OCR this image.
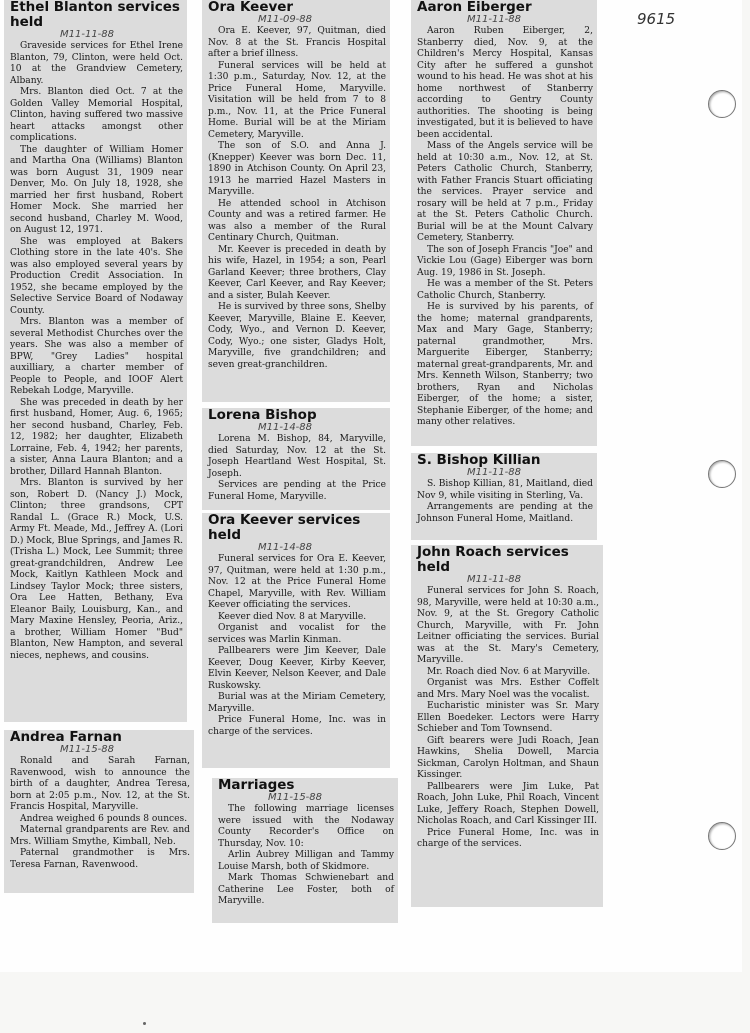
9615
Ethel Blanton services held
M11-11-88

Graveside services for Ethel Irene Blanton, 79, Clinton, were held Oct. 10 at the Grandview Cemetery, Albany.

Mrs. Blanton died Oct. 7 at the Golden Valley Memorial Hospital, Clinton, having suffered two massive heart attacks amongst other complications.

The daughter of William Homer and Martha Ona (Williams) Blanton was born August 31, 1909 near Denver, Mo. On July 18, 1928, she married her first husband, Robert Homer Mock. She married her second husband, Charley M. Wood, on August 12, 1971.

She was employed at Bakers Clothing store in the late 40's. She was also employed several years by Production Credit Association. In 1952, she became employed by the Selective Service Board of Nodaway County.

Mrs. Blanton was a member of several Methodist Churches over the years. She was also a member of BPW, "Grey Ladies" hospital auxilliary, a charter member of People to People, and IOOF Alert Rebekah Lodge, Maryville.

She was preceded in death by her first husband, Homer, Aug. 6, 1965; her second husband, Charley, Feb. 12, 1982; her daughter, Elizabeth Lorraine, Feb. 4, 1942; her parents, a sister, Anna Laura Blanton; and a brother, Dillard Hannah Blanton.

Mrs. Blanton is survived by her son, Robert D. (Nancy J.) Mock, Clinton; three grandsons, CPT Randal L. (Grace R.) Mock, U.S. Army Ft. Meade, Md., Jeffrey A. (Lori D.) Mock, Blue Springs, and James R. (Trisha L.) Mock, Lee Summit; three great-grandchildren, Andrew Lee Mock, Kaitlyn Kathleen Mock and Lindsey Taylor Mock; three sisters, Ora Lee Hatten, Bethany, Eva Eleanor Baily, Louisburg, Kan., and Mary Maxine Hensley, Peoria, Ariz., a brother, William Homer "Bud" Blanton, New Hampton, and several nieces, nephews, and cousins.

Andrea Farnan
M11-15-88

Ronald and Sarah Farnan, Ravenwood, wish to announce the birth of a daughter, Andrea Teresa, born at 2:05 p.m., Nov. 12, at the St. Francis Hospital, Maryville.

Andrea weighed 6 pounds 8 ounces.

Maternal grandparents are Rev. and Mrs. William Smythe, Kimball, Neb.

Paternal grandmother is Mrs. Teresa Farnan, Ravenwood.

Ora Keever
M11-09-88

Ora E. Keever, 97, Quitman, died Nov. 8 at the St. Francis Hospital after a brief illness.

Funeral services will be held at 1:30 p.m., Saturday, Nov. 12, at the Price Funeral Home, Maryville. Visitation will be held from 7 to 8 p.m., Nov. 11, at the Price Funeral Home. Burial will be at the Miriam Cemetery, Maryville.

The son of S.O. and Anna J. (Knepper) Keever was born Dec. 11, 1890 in Atchison County. On April 23, 1913 he married Hazel Masters in Maryville.

He attended school in Atchison County and was a retired farmer. He was also a member of the Rural Centinary Church, Quitman.

Mr. Keever is preceded in death by his wife, Hazel, in 1954; a son, Pearl Garland Keever; three brothers, Clay Keever, Carl Keever, and Ray Keever; and a sister, Bulah Keever.

He is survived by three sons, Shelby Keever, Maryville, Blaine E. Keever, Cody, Wyo., and Vernon D. Keever, Cody, Wyo.; one sister, Gladys Holt, Maryville, five grandchildren; and seven great-granchildren.

Lorena Bishop
M11-14-88

Lorena M. Bishop, 84, Maryville, died Saturday, Nov. 12 at the St. Joseph Heartland West Hospital, St. Joseph.

Services are pending at the Price Funeral Home, Maryville.

Ora Keever services held
M11-14-88

Funeral services for Ora E. Keever, 97, Quitman, were held at 1:30 p.m., Nov. 12 at the Price Funeral Home Chapel, Maryville, with Rev. William Keever officiating the services.

Keever died Nov. 8 at Maryville.

Organist and vocalist for the services was Marlin Kinman.

Pallbearers were Jim Keever, Dale Keever, Doug Keever, Kirby Keever, Elvin Keever, Nelson Keever, and Dale Ruskowsky.

Burial was at the Miriam Cemetery, Maryville.

Price Funeral Home, Inc. was in charge of the services.

Marriages
M11-15-88

The following marriage licenses were issued with the Nodaway County Recorder's Office on Thursday, Nov. 10:

Arlin Aubrey Milligan and Tammy Louise Marsh, both of Skidmore.

Mark Thomas Schwienebart and Catherine Lee Foster, both of Maryville.

Aaron Eiberger
M11-11-88

Aaron Ruben Eiberger, 2, Stanberry died, Nov. 9, at the Children's Mercy Hospital, Kansas City after he suffered a gunshot wound to his head. He was shot at his home northwest of Stanberry according to Gentry County authorities. The shooting is being investigated, but it is believed to have been accidental.

Mass of the Angels service will be held at 10:30 a.m., Nov. 12, at St. Peters Catholic Church, Stanberry, with Father Francis Stuart officiating the services. Prayer service and rosary will be held at 7 p.m., Friday at the St. Peters Catholic Church. Burial will be at the Mount Calvary Cemetery, Stanberry.

The son of Joseph Francis "Joe" and Vickie Lou (Gage) Eiberger was born Aug. 19, 1986 in St. Joseph.

He was a member of the St. Peters Catholic Church, Stanberry.

He is survived by his parents, of the home; maternal grandparents, Max and Mary Gage, Stanberry; paternal grandmother, Mrs. Marguerite Eiberger, Stanberry; maternal great-grandparents, Mr. and Mrs. Kenneth Wilson, Stanberry; two brothers, Ryan and Nicholas Eiberger, of the home; a sister, Stephanie Eiberger, of the home; and many other relatives.

S. Bishop Killian
M11-11-88

S. Bishop Killian, 81, Maitland, died Nov 9, while visiting in Sterling, Va.

Arrangements are pending at the Johnson Funeral Home, Maitland.

John Roach services held
M11-11-88

Funeral services for John S. Roach, 98, Maryville, were held at 10:30 a.m., Nov. 9, at the St. Gregory Catholic Church, Maryville, with Fr. John Leitner officiating the services. Burial was at the St. Mary's Cemetery, Maryville.

Mr. Roach died Nov. 6 at Maryville.

Organist was Mrs. Esther Coffelt and Mrs. Mary Noel was the vocalist.

Eucharistic minister was Sr. Mary Ellen Boedeker. Lectors were Harry Schieber and Tom Townsend.

Gift bearers were Judi Roach, Jean Hawkins, Shelia Dowell, Marcia Sickman, Carolyn Holtman, and Shaun Kissinger.

Pallbearers were Jim Luke, Pat Roach, John Luke, Phil Roach, Vincent Luke, Jeffery Roach, Stephen Dowell, Nicholas Roach, and Carl Kissinger III.

Price Funeral Home, Inc. was in charge of the services.
